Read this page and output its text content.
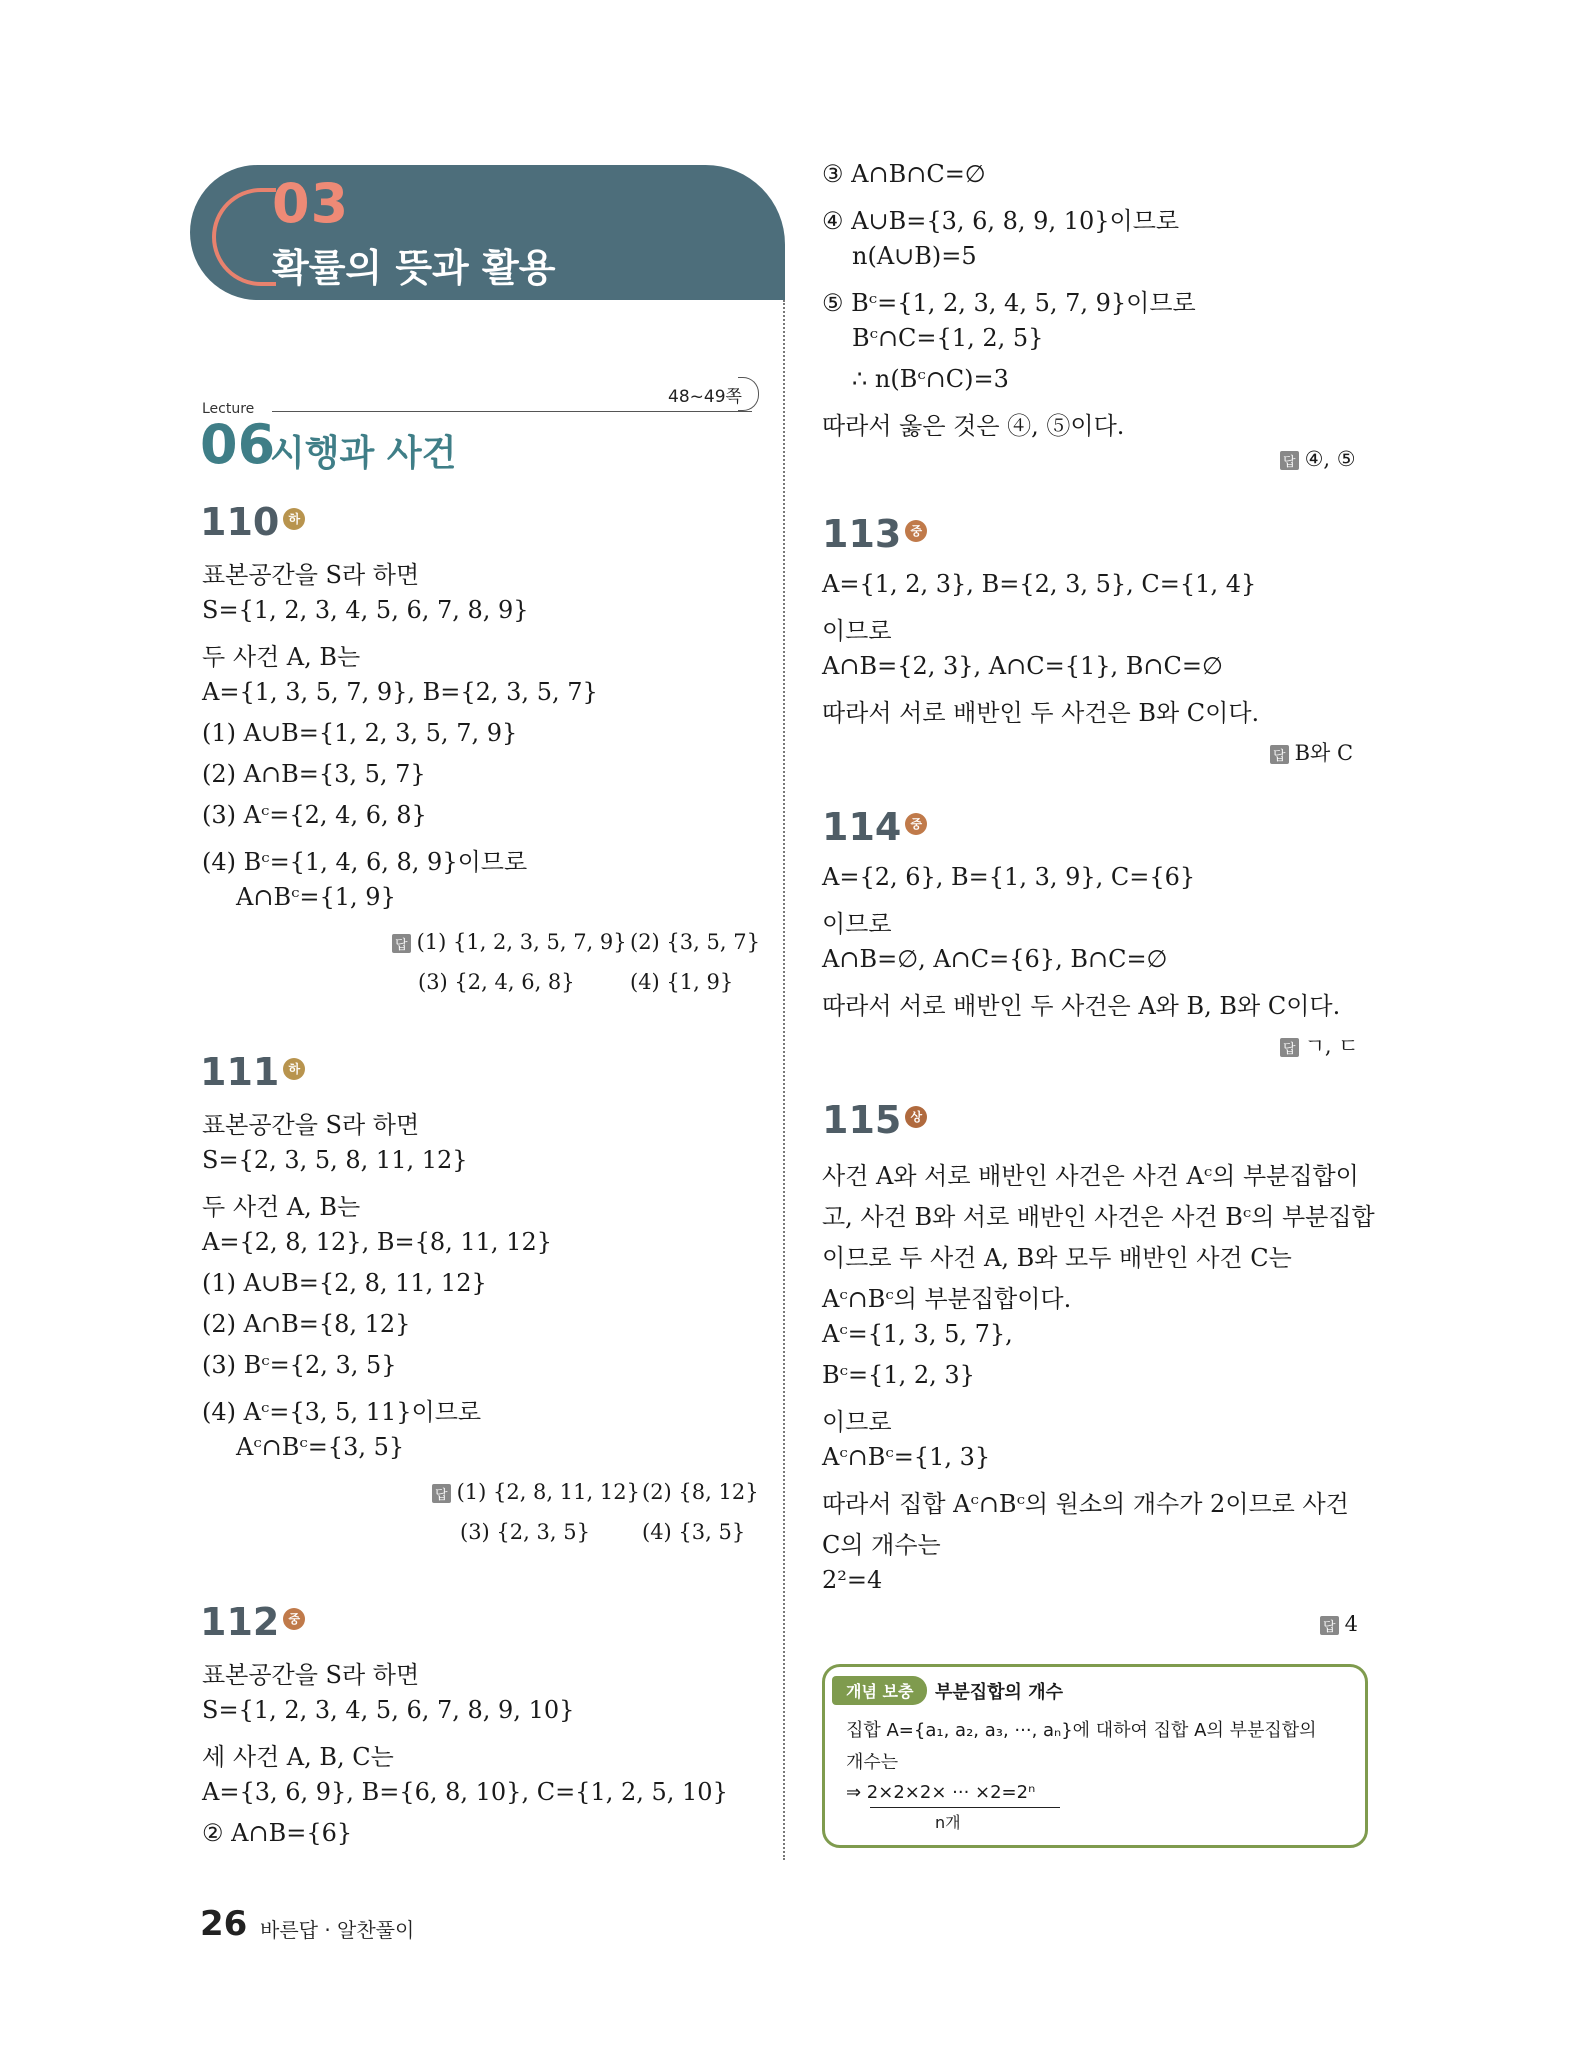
03
확률의 뜻과 활용
Lecture
48~49쪽
06
시행과 사건
110 하
표본공간을 S라 하면
S={1, 2, 3, 4, 5, 6, 7, 8, 9}
두 사건 A, B는
A={1, 3, 5, 7, 9}, B={2, 3, 5, 7}
(1) A∪B={1, 2, 3, 5, 7, 9}
(2) A∩B={3, 5, 7}
(3) Aᶜ={2, 4, 6, 8}
(4) Bᶜ={1, 4, 6, 8, 9}이므로
A∩Bᶜ={1, 9}
답 (1) {1, 2, 3, 5, 7, 9} (2) {3, 5, 7}
(3) {2, 4, 6, 8}	(4) {1, 9}
111 하
표본공간을 S라 하면
S={2, 3, 5, 8, 11, 12}
두 사건 A, B는
A={2, 8, 12}, B={8, 11, 12}
(1) A∪B={2, 8, 11, 12}
(2) A∩B={8, 12}
(3) Bᶜ={2, 3, 5}
(4) Aᶜ={3, 5, 11}이므로
Aᶜ∩Bᶜ={3, 5}
답 (1) {2, 8, 11, 12} (2) {8, 12}
(3) {2, 3, 5} (4) {3, 5}
112 중
표본공간을 S라 하면
S={1, 2, 3, 4, 5, 6, 7, 8, 9, 10}
세 사건 A, B, C는
A={3, 6, 9}, B={6, 8, 10}, C={1, 2, 5, 10}
② A∩B={6}
③ A∩B∩C=∅
④ A∪B={3, 6, 8, 9, 10}이므로
n(A∪B)=5
⑤ Bᶜ={1, 2, 3, 4, 5, 7, 9}이므로
Bᶜ∩C={1, 2, 5}
∴ n(Bᶜ∩C)=3
따라서 옳은 것은 ④, ⑤이다.
답 ④, ⑤
113 중
A={1, 2, 3}, B={2, 3, 5}, C={1, 4}
이므로
A∩B={2, 3}, A∩C={1}, B∩C=∅
따라서 서로 배반인 두 사건은 B와 C이다.
답 B와 C
114 중
A={2, 6}, B={1, 3, 9}, C={6}
이므로
A∩B=∅, A∩C={6}, B∩C=∅
따라서 서로 배반인 두 사건은 A와 B, B와 C이다.
답 ㄱ, ㄷ
115 상
사건 A와 서로 배반인 사건은 사건 Aᶜ의 부분집합이
고, 사건 B와 서로 배반인 사건은 사건 Bᶜ의 부분집합
이므로 두 사건 A, B와 모두 배반인 사건 C는
Aᶜ∩Bᶜ의 부분집합이다.
Aᶜ={1, 3, 5, 7},
Bᶜ={1, 2, 3}
이므로
Aᶜ∩Bᶜ={1, 3}
따라서 집합 Aᶜ∩Bᶜ의 원소의 개수가 2이므로 사건
C의 개수는
2²=4
답 4
개념 보충	부분집합의 개수
집합 A={a₁, a₂, a₃, ···, aₙ}에 대하여 집합 A의 부분집합의
개수는
⇒ 2×2×2× ··· ×2=2ⁿ
n개
26 바른답 · 알찬풀이
